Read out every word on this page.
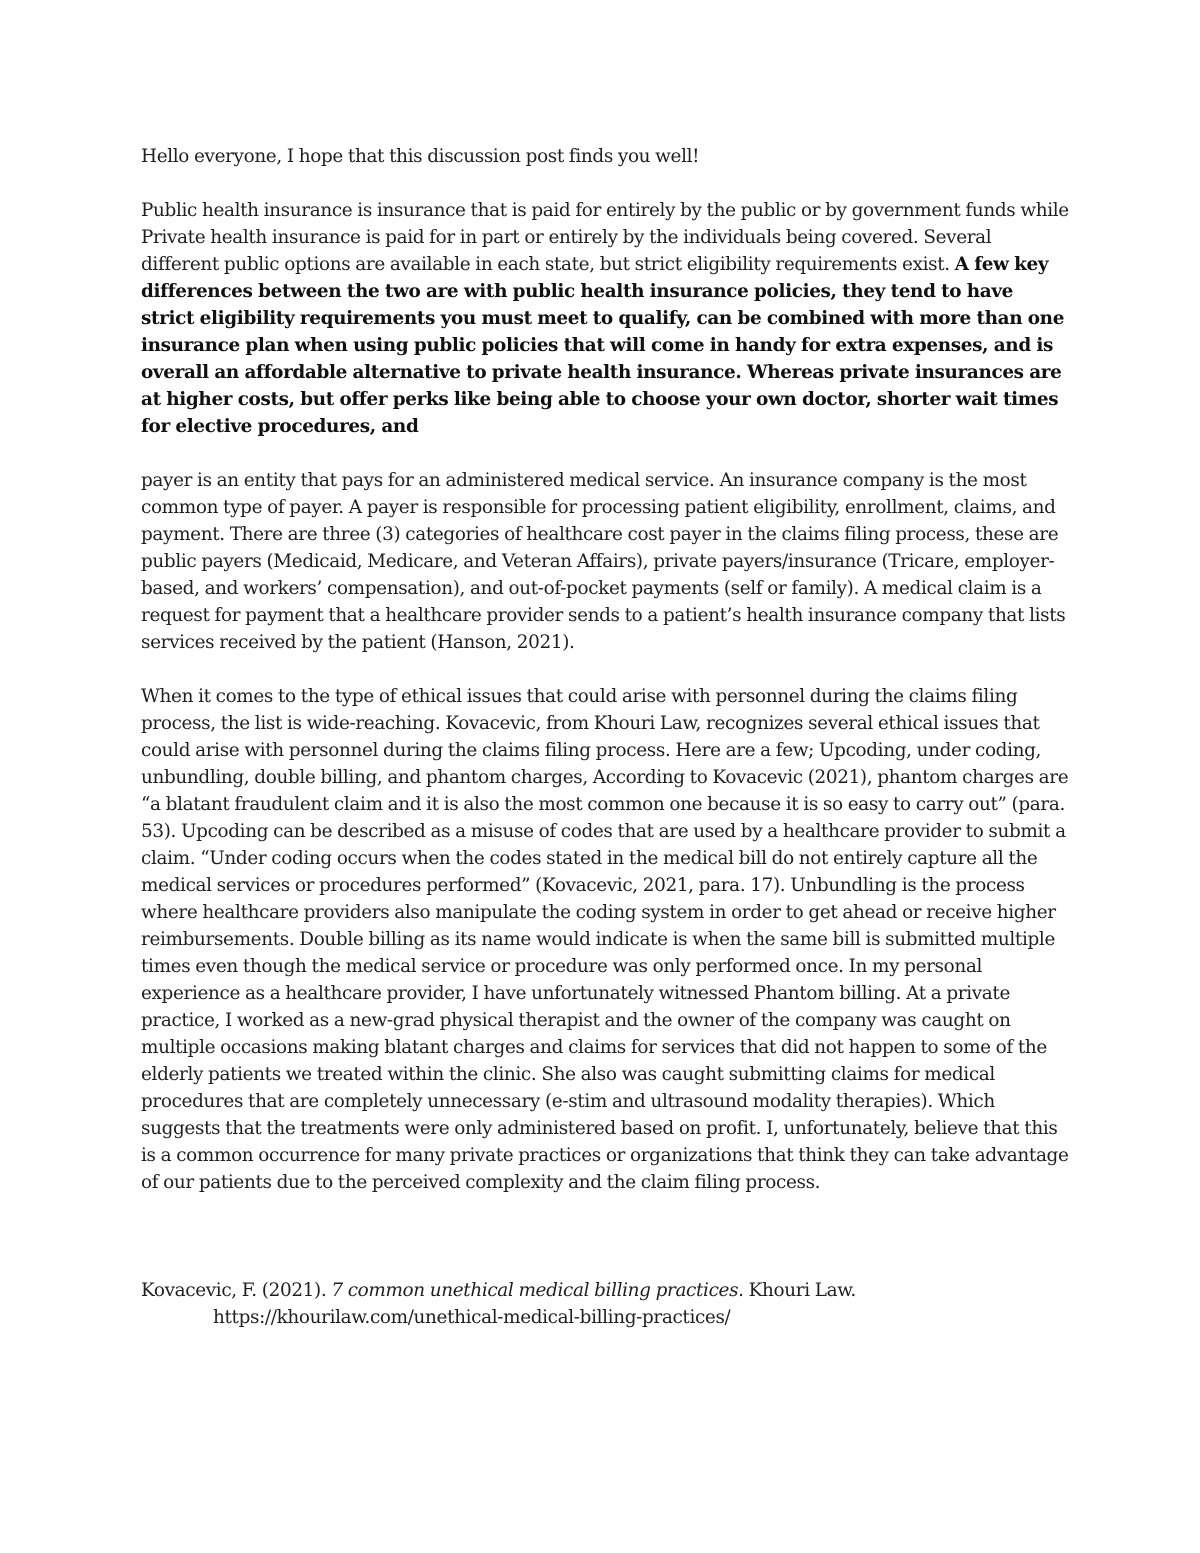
Hello everyone, I hope that this discussion post finds you well!

Public health insurance is insurance that is paid for entirely by the public or by government funds while Private health insurance is paid for in part or entirely by the individuals being covered. Several different public options are available in each state, but strict eligibility requirements exist. A few key differences between the two are with public health insurance policies, they tend to have strict eligibility requirements you must meet to qualify, can be combined with more than one insurance plan when using public policies that will come in handy for extra expenses, and is overall an affordable alternative to private health insurance. Whereas private insurances are at higher costs, but offer perks like being able to choose your own doctor, shorter wait times for elective procedures, and

payer is an entity that pays for an administered medical service. An insurance company is the most common type of payer. A payer is responsible for processing patient eligibility, enrollment, claims, and payment. There are three (3) categories of healthcare cost payer in the claims filing process, these are public payers (Medicaid, Medicare, and Veteran Affairs), private payers/insurance (Tricare, employer-based, and workers’ compensation), and out-of-pocket payments (self or family). A medical claim is a request for payment that a healthcare provider sends to a patient’s health insurance company that lists services received by the patient (Hanson, 2021).

When it comes to the type of ethical issues that could arise with personnel during the claims filing process, the list is wide-reaching. Kovacevic, from Khouri Law, recognizes several ethical issues that could arise with personnel during the claims filing process. Here are a few; Upcoding, under coding, unbundling, double billing, and phantom charges, According to Kovacevic (2021), phantom charges are “a blatant fraudulent claim and it is also the most common one because it is so easy to carry out” (para. 53). Upcoding can be described as a misuse of codes that are used by a healthcare provider to submit a claim. “Under coding occurs when the codes stated in the medical bill do not entirely capture all the medical services or procedures performed” (Kovacevic, 2021, para. 17). Unbundling is the process where healthcare providers also manipulate the coding system in order to get ahead or receive higher reimbursements. Double billing as its name would indicate is when the same bill is submitted multiple times even though the medical service or procedure was only performed once. In my personal experience as a healthcare provider, I have unfortunately witnessed Phantom billing. At a private practice, I worked as a new-grad physical therapist and the owner of the company was caught on multiple occasions making blatant charges and claims for services that did not happen to some of the elderly patients we treated within the clinic. She also was caught submitting claims for medical procedures that are completely unnecessary (e-stim and ultrasound modality therapies). Which suggests that the treatments were only administered based on profit. I, unfortunately, believe that this is a common occurrence for many private practices or organizations that think they can take advantage of our patients due to the perceived complexity and the claim filing process.

Kovacevic, F. (2021). 7 common unethical medical billing practices. Khouri Law.
https://khourilaw.com/unethical-medical-billing-practices/
